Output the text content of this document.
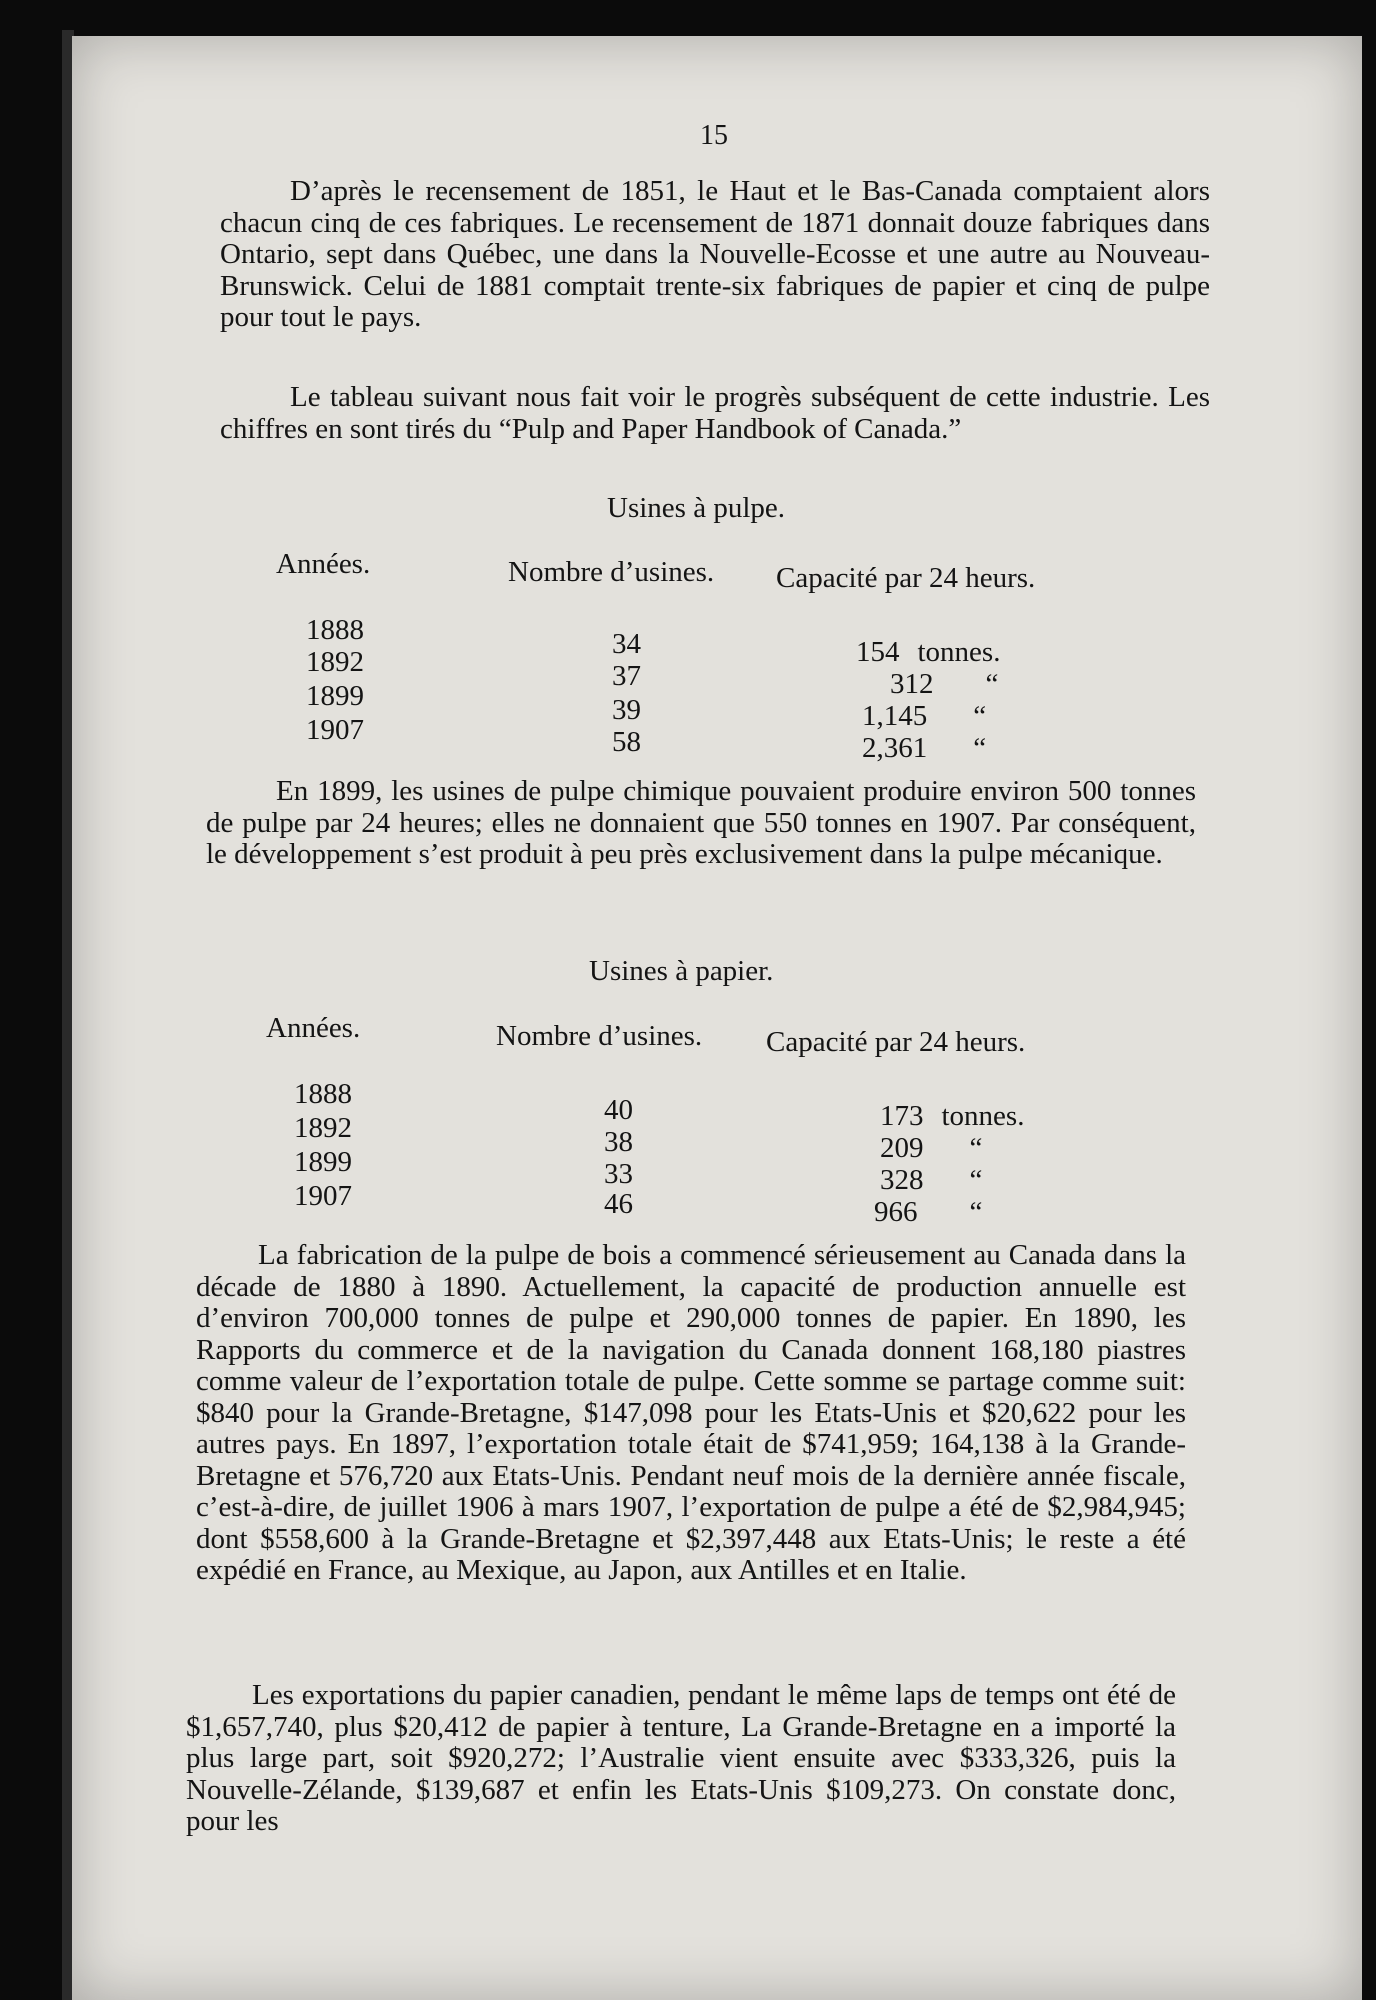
15

D’après le recensement de 1851, le Haut et le Bas-Canada comptaient alors chacun cinq de ces fabriques. Le recensement de 1871 donnait douze fabriques dans Ontario, sept dans Québec, une dans la Nouvelle-Ecosse et une autre au Nouveau-Brunswick. Celui de 1881 comptait trente-six fabriques de papier et cinq de pulpe pour tout le pays.

Le tableau suivant nous fait voir le progrès subséquent de cette industrie. Les chiffres en sont tirés du “Pulp and Paper Handbook of Canada.”

Usines à pulpe.
Années.	Nombre d’usines. Capacité par 24 heurs.
1888
1892
1899
1907
34
37
39
58
154 tonnes.
312 “
1,145 “
2,361 “

En 1899, les usines de pulpe chimique pouvaient produire environ 500 tonnes de pulpe par 24 heures; elles ne donnaient que 550 tonnes en 1907. Par conséquent, le développement s’est produit à peu près exclusivement dans la pulpe mécanique.

Usines à papier.
Années.	Nombre d’usines. Capacité par 24 heurs.
1888
1892
1899
1907
40
38
33
46
173 tonnes.
209 “
328 “
966 “

La fabrication de la pulpe de bois a commencé sérieusement au Canada dans la décade de 1880 à 1890. Actuellement, la capacité de production annuelle est d’environ 700,000 tonnes de pulpe et 290,000 tonnes de papier. En 1890, les Rapports du commerce et de la navigation du Canada donnent 168,180 piastres comme valeur de l’exportation totale de pulpe. Cette somme se partage comme suit: $840 pour la Grande-Bretagne, $147,098 pour les Etats-Unis et $20,622 pour les autres pays. En 1897, l’exportation totale était de $741,959; 164,138 à la Grande-Bretagne et 576,720 aux Etats-Unis. Pendant neuf mois de la dernière année fiscale, c’est-à-dire, de juillet 1906 à mars 1907, l’exportation de pulpe a été de $2,984,945; dont $558,600 à la Grande-Bretagne et $2,397,448 aux Etats-Unis; le reste a été expédié en France, au Mexique, au Japon, aux Antilles et en Italie.

Les exportations du papier canadien, pendant le même laps de temps ont été de $1,657,740, plus $20,412 de papier à tenture, La Grande-Bretagne en a importé la plus large part, soit $920,272; l’Australie vient ensuite avec $333,326, puis la Nouvelle-Zélande, $139,687 et enfin les Etats-Unis $109,273. On constate donc, pour les
